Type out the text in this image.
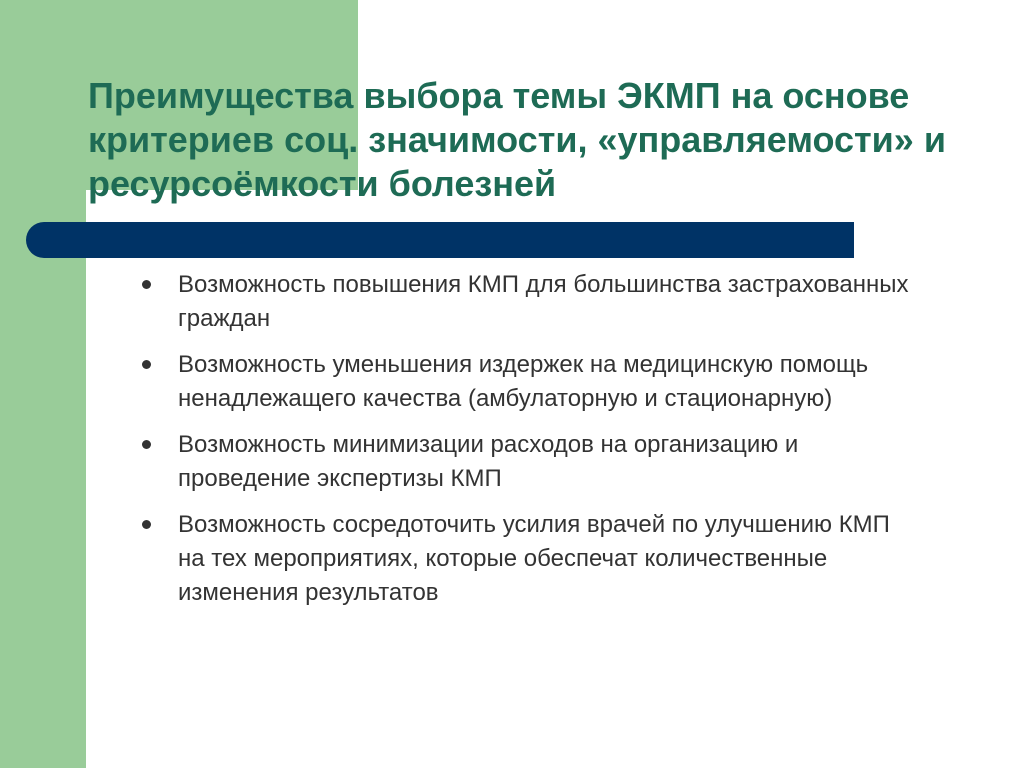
Преимущества выбора темы ЭКМП на основе критериев соц. значимости, «управляемости» и ресурсоёмкости болезней
Возможность повышения КМП для большинства застрахованных граждан
Возможность уменьшения издержек на медицинскую помощь ненадлежащего качества (амбулаторную и стационарную)
Возможность минимизации расходов на организацию и проведение экспертизы КМП
Возможность сосредоточить усилия врачей по улучшению КМП на тех мероприятиях, которые обеспечат количественные изменения результатов
